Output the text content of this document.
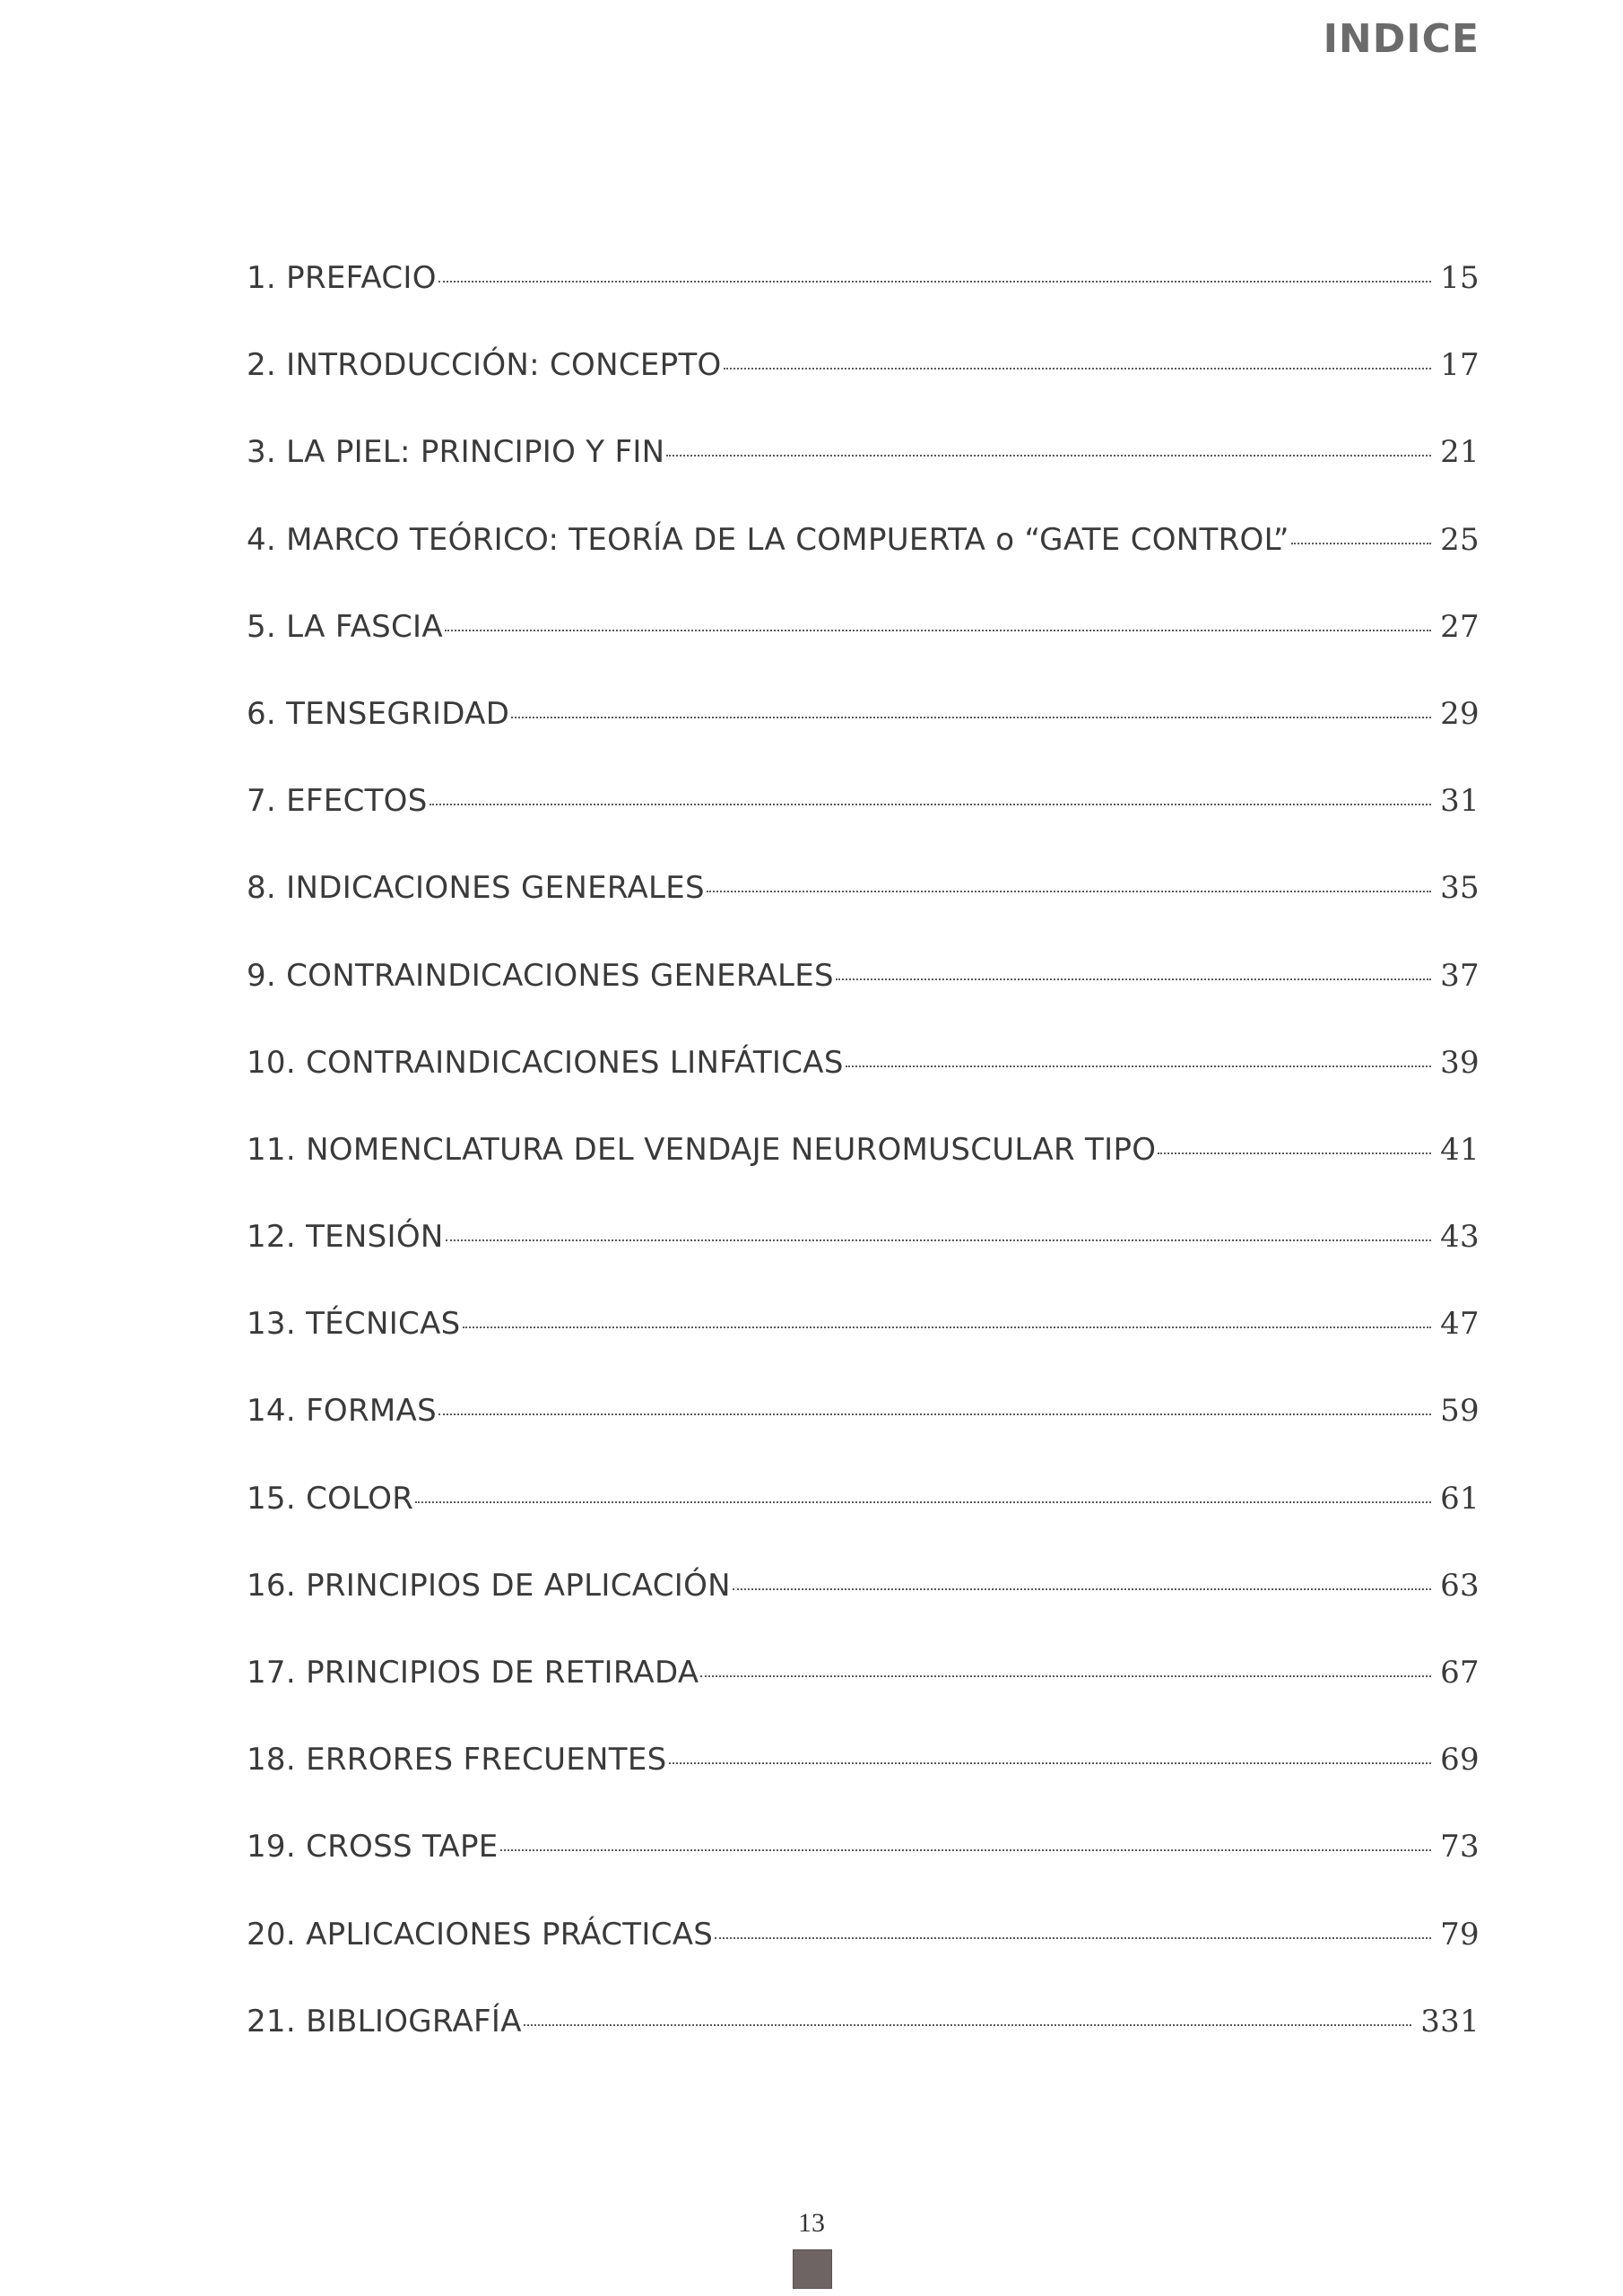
INDICE
1. PREFACIO	15
2. INTRODUCCIÓN: CONCEPTO	17
3. LA PIEL: PRINCIPIO Y FIN	21
4. MARCO TEÓRICO: TEORÍA DE LA COMPUERTA o “GATE CONTROL”	25
5. LA FASCIA	27
6. TENSEGRIDAD	29
7. EFECTOS	31
8. INDICACIONES GENERALES	35
9. CONTRAINDICACIONES GENERALES	37
10. CONTRAINDICACIONES LINFÁTICAS	39
11. NOMENCLATURA DEL VENDAJE NEUROMUSCULAR TIPO	41
12. TENSIÓN	43
13. TÉCNICAS	47
14. FORMAS	59
15. COLOR	61
16. PRINCIPIOS DE APLICACIÓN	63
17. PRINCIPIOS DE RETIRADA	67
18. ERRORES FRECUENTES	69
19. CROSS TAPE	73
20. APLICACIONES PRÁCTICAS	79
21. BIBLIOGRAFÍA	331
13
